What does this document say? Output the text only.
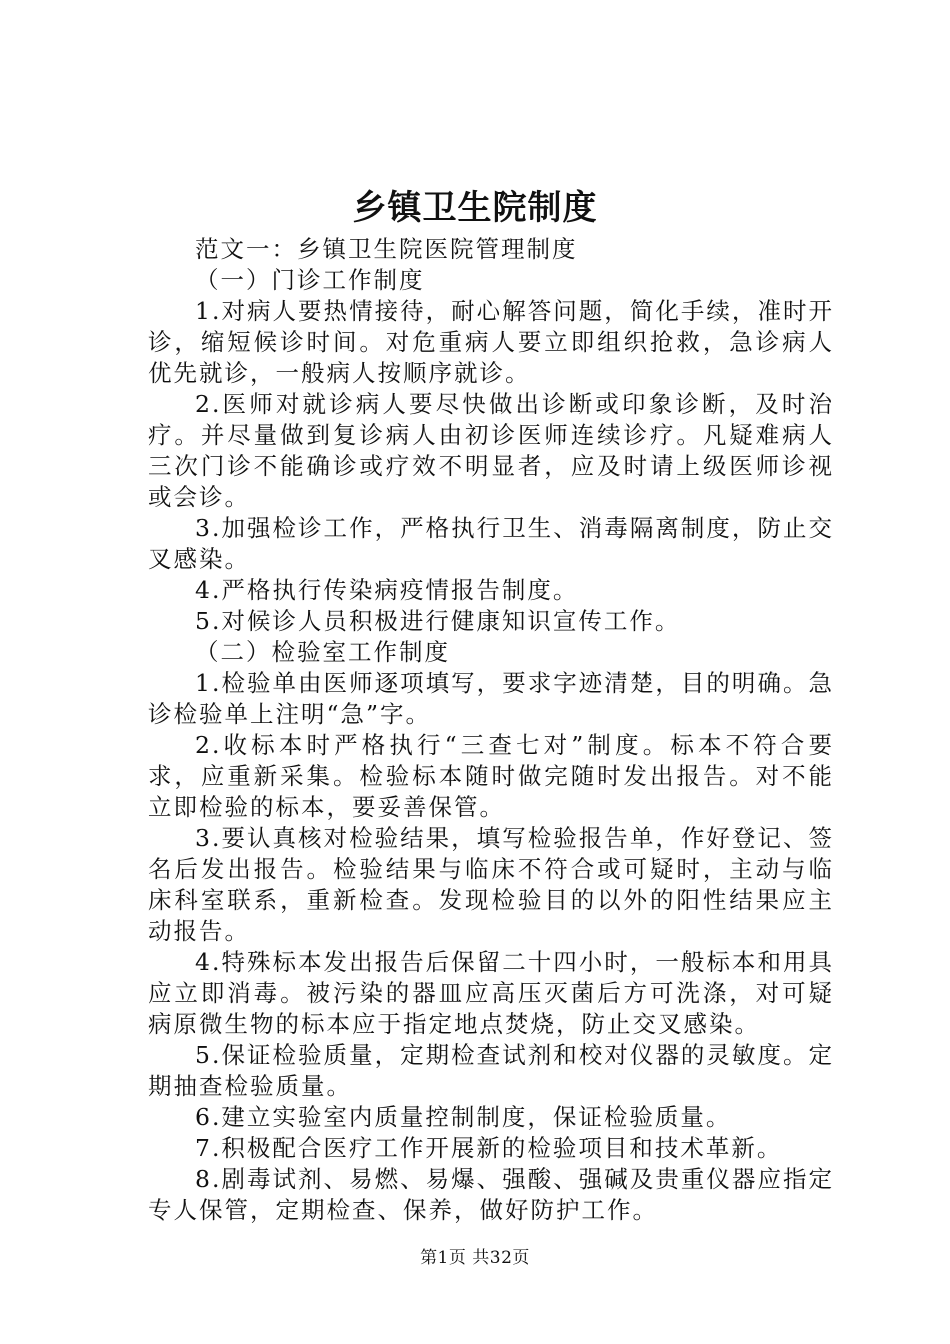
乡镇卫生院制度

范文一：乡镇卫生院医院管理制度

（一）门诊工作制度

1.对病人要热情接待，耐心解答问题，简化手续，准时开诊，缩短候诊时间。对危重病人要立即组织抢救，急诊病人优先就诊，一般病人按顺序就诊。

2.医师对就诊病人要尽快做出诊断或印象诊断，及时治疗。并尽量做到复诊病人由初诊医师连续诊疗。凡疑难病人三次门诊不能确诊或疗效不明显者，应及时请上级医师诊视或会诊。

3.加强检诊工作，严格执行卫生、消毒隔离制度，防止交叉感染。

4.严格执行传染病疫情报告制度。

5.对候诊人员积极进行健康知识宣传工作。

（二）检验室工作制度

1.检验单由医师逐项填写，要求字迹清楚，目的明确。急诊检验单上注明“急”字。

2.收标本时严格执行“三查七对”制度。标本不符合要求，应重新采集。检验标本随时做完随时发出报告。对不能立即检验的标本，要妥善保管。

3.要认真核对检验结果，填写检验报告单，作好登记、签名后发出报告。检验结果与临床不符合或可疑时，主动与临床科室联系，重新检查。发现检验目的以外的阳性结果应主动报告。

4.特殊标本发出报告后保留二十四小时，一般标本和用具应立即消毒。被污染的器皿应高压灭菌后方可洗涤，对可疑病原微生物的标本应于指定地点焚烧，防止交叉感染。

5.保证检验质量，定期检查试剂和校对仪器的灵敏度。定期抽查检验质量。

6.建立实验室内质量控制制度，保证检验质量。

7.积极配合医疗工作开展新的检验项目和技术革新。

8.剧毒试剂、易燃、易爆、强酸、强碱及贵重仪器应指定专人保管，定期检查、保养，做好防护工作。

第1页 共32页
